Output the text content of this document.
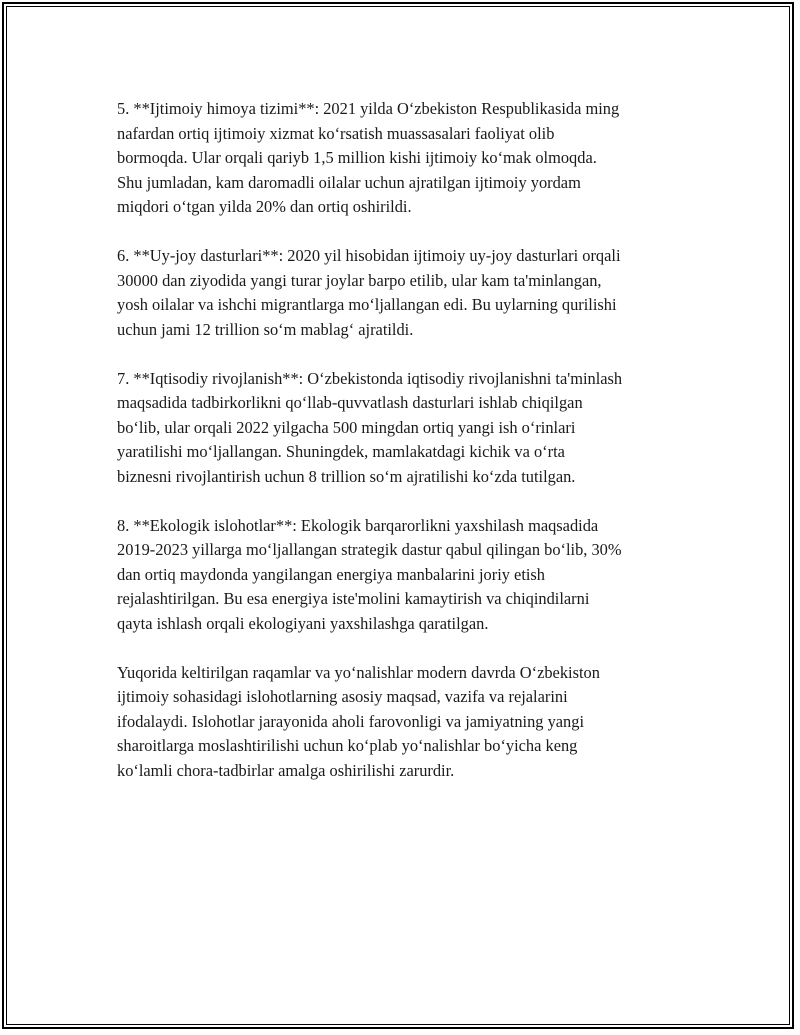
5. **Ijtimoiy himoya tizimi**: 2021 yilda O‘zbekiston Respublikasida ming
nafardan ortiq ijtimoiy xizmat ko‘rsatish muassasalari faoliyat olib
bormoqda. Ular orqali qariyb 1,5 million kishi ijtimoiy ko‘mak olmoqda.
Shu jumladan, kam daromadli oilalar uchun ajratilgan ijtimoiy yordam
miqdori o‘tgan yilda 20% dan ortiq oshirildi.

6. **Uy-joy dasturlari**: 2020 yil hisobidan ijtimoiy uy-joy dasturlari orqali
30000 dan ziyodida yangi turar joylar barpo etilib, ular kam ta'minlangan,
yosh oilalar va ishchi migrantlarga mo‘ljallangan edi. Bu uylarning qurilishi
uchun jami 12 trillion so‘m mablag‘ ajratildi.

7. **Iqtisodiy rivojlanish**: O‘zbekistonda iqtisodiy rivojlanishni ta'minlash
maqsadida tadbirkorlikni qo‘llab-quvvatlash dasturlari ishlab chiqilgan
bo‘lib, ular orqali 2022 yilgacha 500 mingdan ortiq yangi ish o‘rinlari
yaratilishi mo‘ljallangan. Shuningdek, mamlakatdagi kichik va o‘rta
biznesni rivojlantirish uchun 8 trillion so‘m ajratilishi ko‘zda tutilgan.

8. **Ekologik islohotlar**: Ekologik barqarorlikni yaxshilash maqsadida
2019-2023 yillarga mo‘ljallangan strategik dastur qabul qilingan bo‘lib, 30%
dan ortiq maydonda yangilangan energiya manbalarini joriy etish
rejalashtirilgan. Bu esa energiya iste'molini kamaytirish va chiqindilarni
qayta ishlash orqali ekologiyani yaxshilashga qaratilgan.

Yuqorida keltirilgan raqamlar va yo‘nalishlar modern davrda O‘zbekiston
ijtimoiy sohasidagi islohotlarning asosiy maqsad, vazifa va rejalarini
ifodalaydi. Islohotlar jarayonida aholi farovonligi va jamiyatning yangi
sharoitlarga moslashtirilishi uchun ko‘plab yo‘nalishlar bo‘yicha keng
ko‘lamli chora-tadbirlar amalga oshirilishi zarurdir.
